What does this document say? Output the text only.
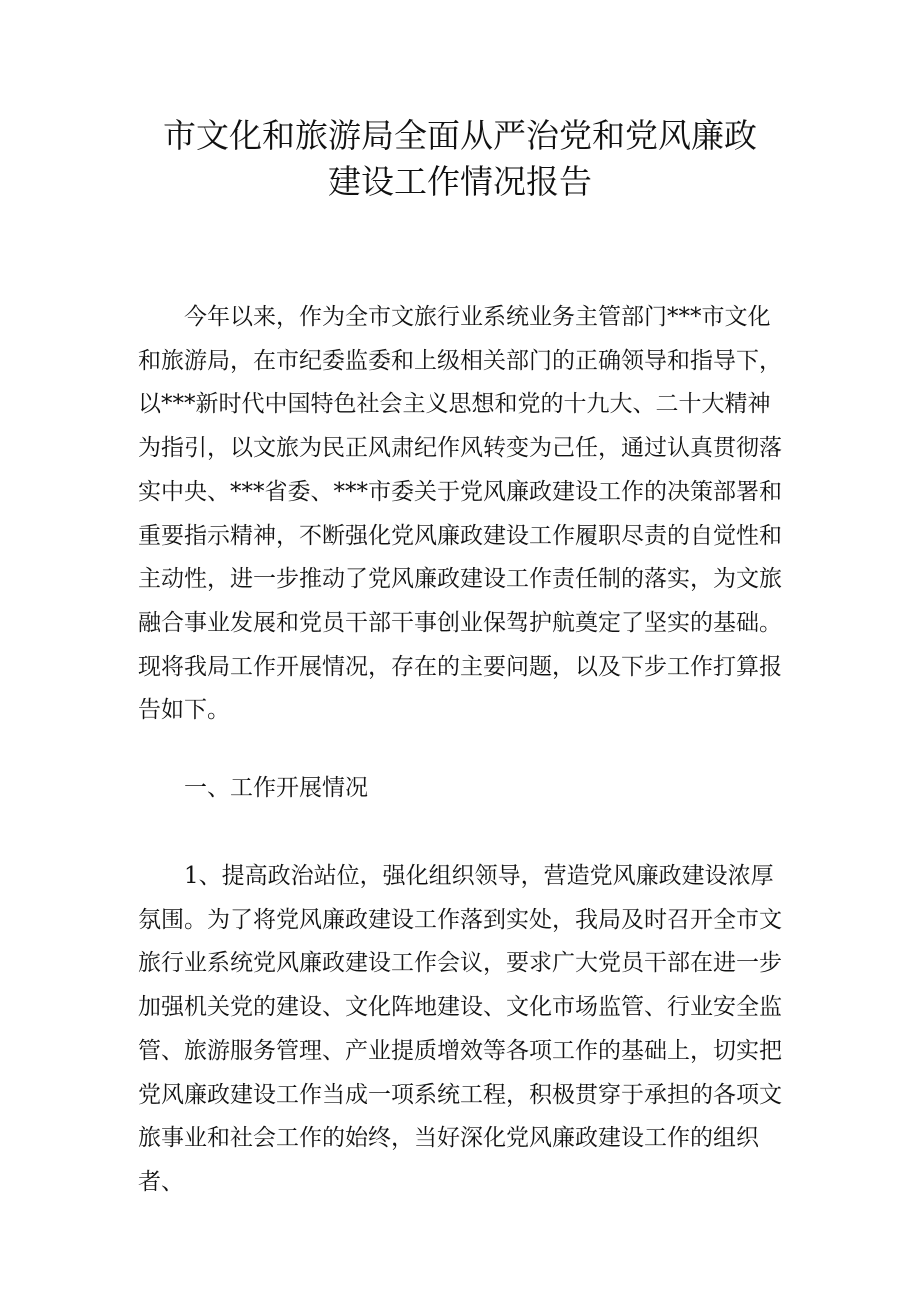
市文化和旅游局全面从严治党和党风廉政
建设工作情况报告

今年以来，作为全市文旅行业系统业务主管部门***市文化和旅游局，在市纪委监委和上级相关部门的正确领导和指导下，以***新时代中国特色社会主义思想和党的十九大、二十大精神为指引，以文旅为民正风肃纪作风转变为己任，通过认真贯彻落实中央、***省委、***市委关于党风廉政建设工作的决策部署和重要指示精神，不断强化党风廉政建设工作履职尽责的自觉性和主动性，进一步推动了党风廉政建设工作责任制的落实，为文旅融合事业发展和党员干部干事创业保驾护航奠定了坚实的基础。现将我局工作开展情况，存在的主要问题，以及下步工作打算报告如下。

一、工作开展情况

1、提高政治站位，强化组织领导，营造党风廉政建设浓厚氛围。为了将党风廉政建设工作落到实处，我局及时召开全市文旅行业系统党风廉政建设工作会议，要求广大党员干部在进一步加强机关党的建设、文化阵地建设、文化市场监管、行业安全监管、旅游服务管理、产业提质增效等各项工作的基础上，切实把党风廉政建设工作当成一项系统工程，积极贯穿于承担的各项文旅事业和社会工作的始终，当好深化党风廉政建设工作的组织者、
